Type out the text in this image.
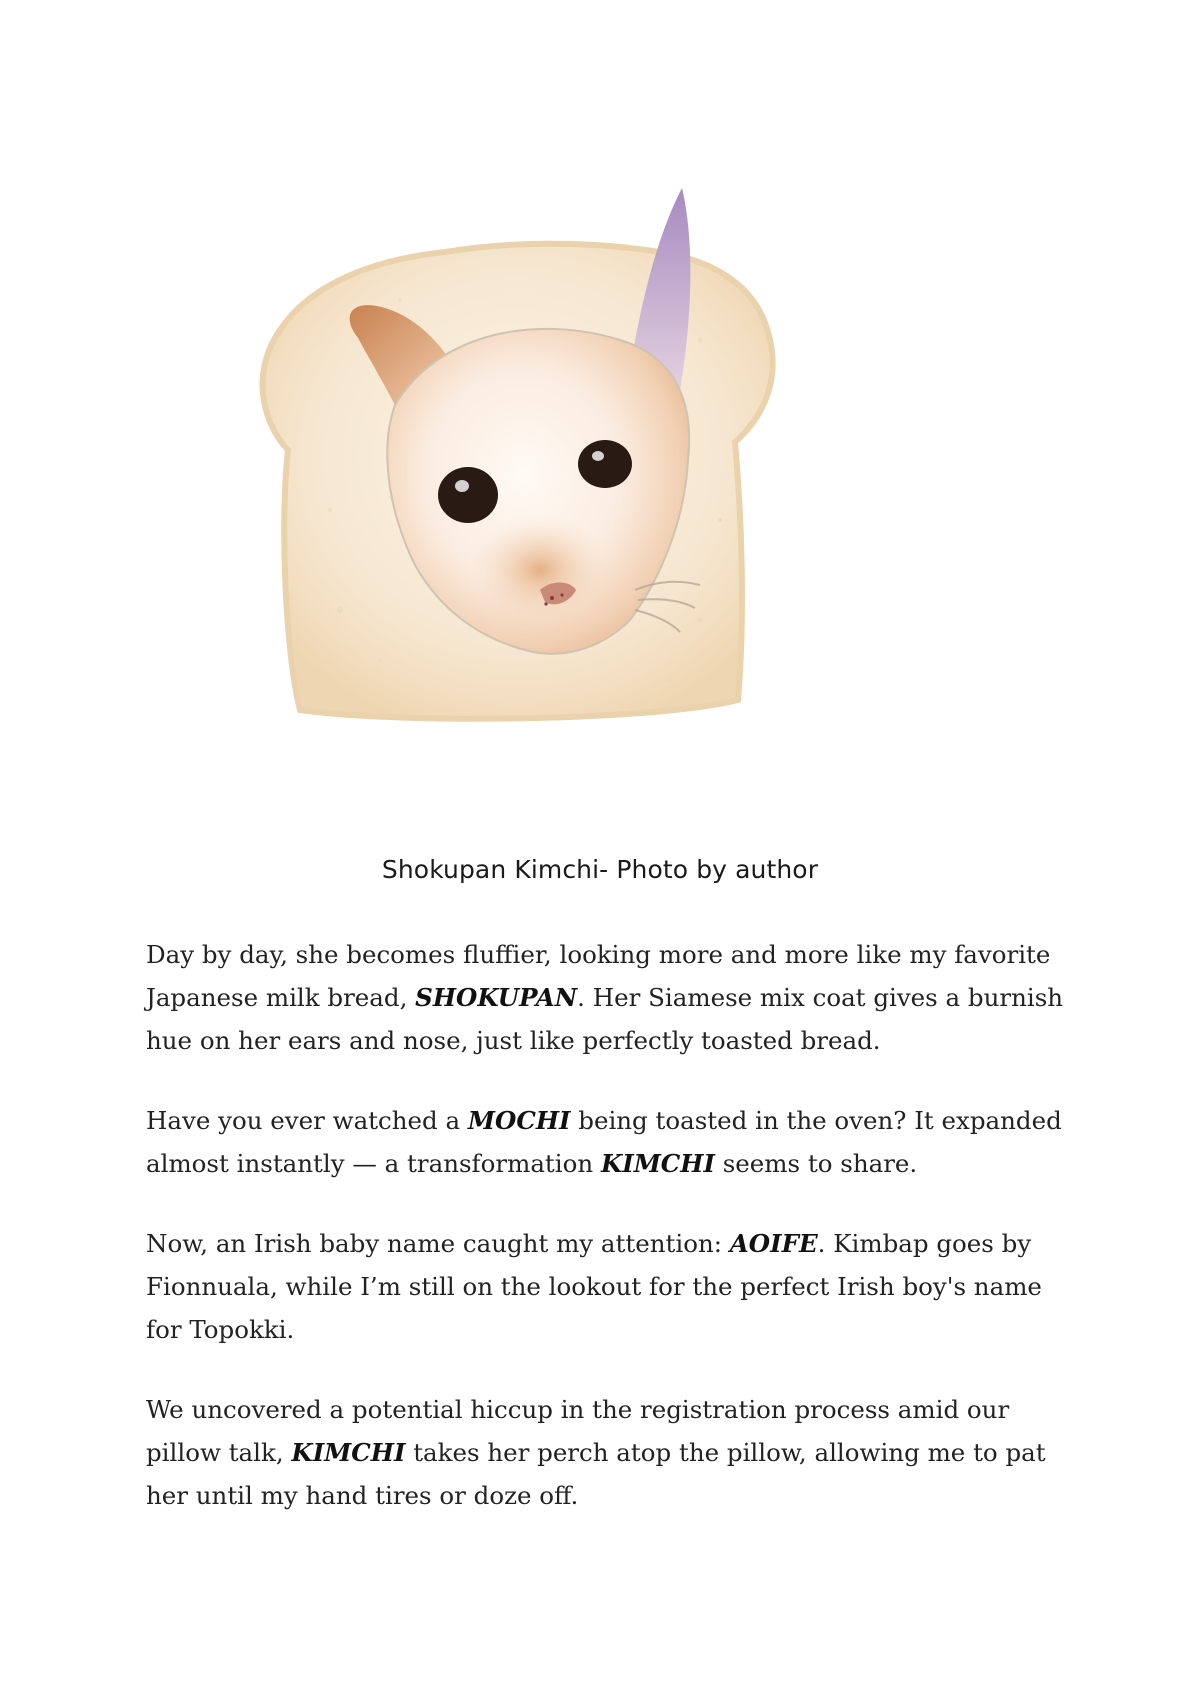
Shokupan Kimchi- Photo by author

Day by day, she becomes fluffier, looking more and more like my favorite Japanese milk bread, SHOKUPAN. Her Siamese mix coat gives a burnish hue on her ears and nose, just like perfectly toasted bread.

Have you ever watched a MOCHI being toasted in the oven? It expanded almost instantly — a transformation KIMCHI seems to share.

Now, an Irish baby name caught my attention: AOIFE. Kimbap goes by Fionnuala, while I’m still on the lookout for the perfect Irish boy's name for Topokki.

We uncovered a potential hiccup in the registration process amid our pillow talk, KIMCHI takes her perch atop the pillow, allowing me to pat her until my hand tires or doze off.
